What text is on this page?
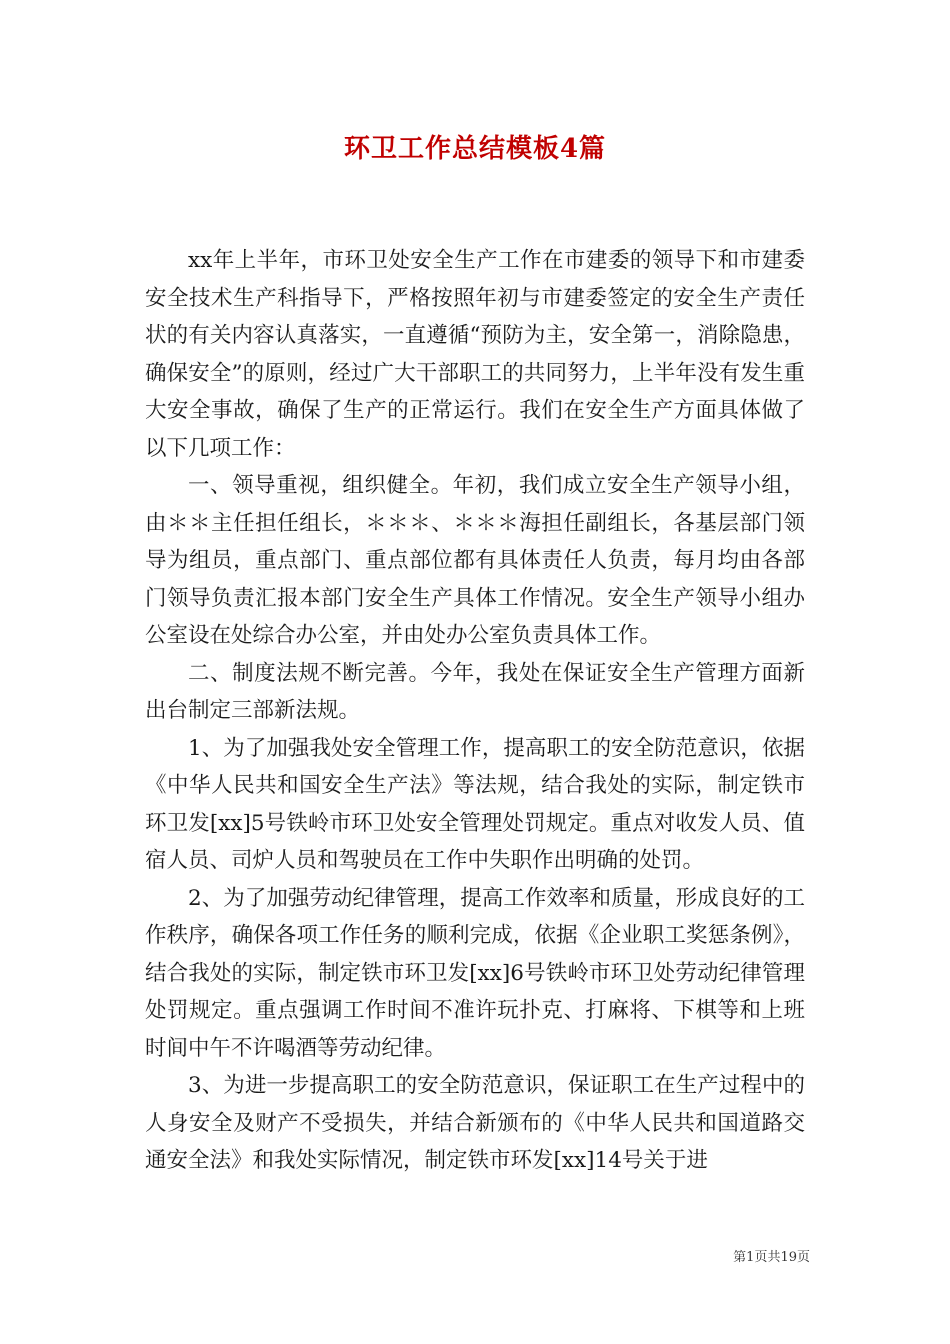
环卫工作总结模板4篇

xx年上半年，市环卫处安全生产工作在市建委的领导下和市建委安全技术生产科指导下，严格按照年初与市建委签定的安全生产责任状的有关内容认真落实，一直遵循“预防为主，安全第一，消除隐患，确保安全”的原则，经过广大干部职工的共同努力，上半年没有发生重大安全事故，确保了生产的正常运行。我们在安全生产方面具体做了以下几项工作：

一、领导重视，组织健全。年初，我们成立安全生产领导小组，由＊＊主任担任组长，＊＊＊、＊＊＊海担任副组长，各基层部门领导为组员，重点部门、重点部位都有具体责任人负责，每月均由各部门领导负责汇报本部门安全生产具体工作情况。安全生产领导小组办公室设在处综合办公室，并由处办公室负责具体工作。

二、制度法规不断完善。今年，我处在保证安全生产管理方面新出台制定三部新法规。

1、为了加强我处安全管理工作，提高职工的安全防范意识，依据《中华人民共和国安全生产法》等法规，结合我处的实际，制定铁市环卫发[xx]5号铁岭市环卫处安全管理处罚规定。重点对收发人员、值宿人员、司炉人员和驾驶员在工作中失职作出明确的处罚。

2、为了加强劳动纪律管理，提高工作效率和质量，形成良好的工作秩序，确保各项工作任务的顺利完成，依据《企业职工奖惩条例》，结合我处的实际，制定铁市环卫发[xx]6号铁岭市环卫处劳动纪律管理处罚规定。重点强调工作时间不准许玩扑克、打麻将、下棋等和上班时间中午不许喝酒等劳动纪律。

3、为进一步提高职工的安全防范意识，保证职工在生产过程中的人身安全及财产不受损失，并结合新颁布的《中华人民共和国道路交通安全法》和我处实际情况，制定铁市环发[xx]14号关于进

第1页共19页
